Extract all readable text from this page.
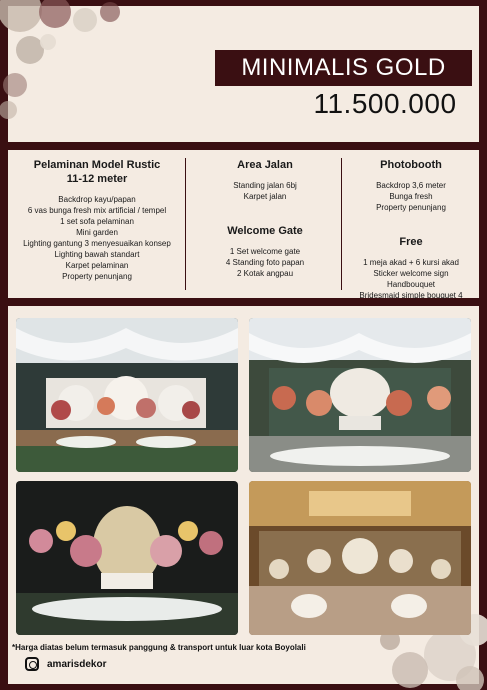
MINIMALIS GOLD
11.500.000
Pelaminan Model Rustic
11-12 meter
Backdrop kayu/papan
6 vas bunga fresh mix artificial / tempel
1 set sofa pelaminan
Mini garden
Lighting gantung 3 menyesuaikan konsep
Lighting bawah standart
Karpet pelaminan
Property penunjang
Area Jalan
Standing jalan 6bj
Karpet jalan
Welcome Gate
1 Set welcome gate
4 Standing foto papan
2 Kotak angpau
Photobooth
Backdrop 3,6 meter
Bunga fresh
Property penunjang
Free
1 meja akad + 6 kursi akad
Sticker welcome sign
Handbouquet
Bridesmaid simple bouquet 4
*Harga diatas belum termasuk panggung & transport untuk luar kota Boyolali
amarisdekor
